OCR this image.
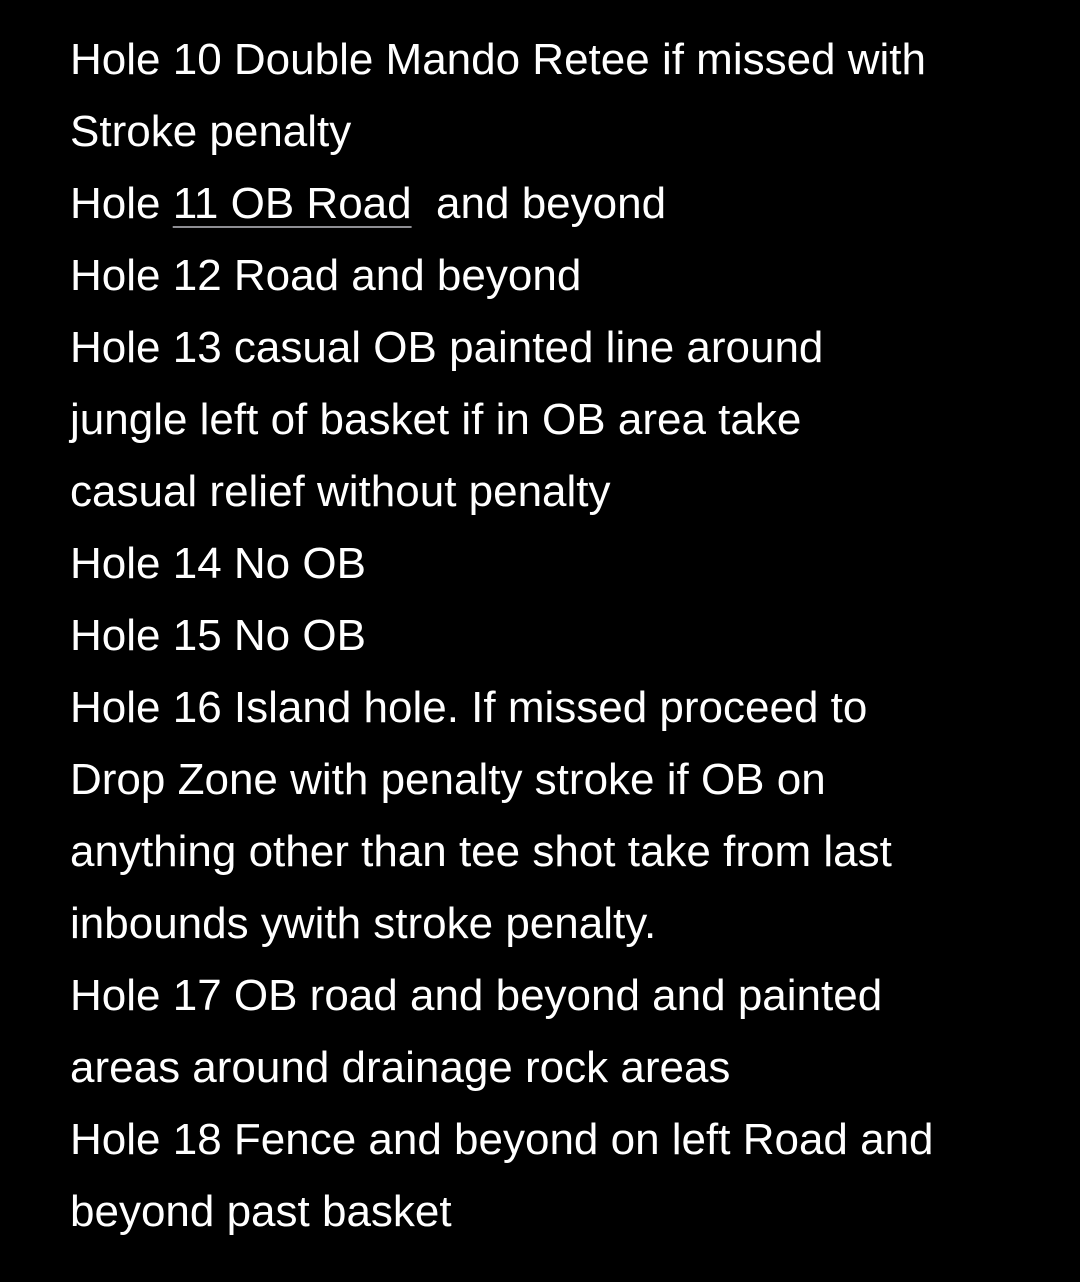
Hole 10 Double Mando Retee if missed with
Stroke penalty
Hole 11 OB Road  and beyond
Hole 12 Road and beyond
Hole 13 casual OB painted line around
jungle left of basket if in OB area take
casual relief without penalty
Hole 14 No OB
Hole 15 No OB
Hole 16 Island hole. If missed proceed to
Drop Zone with penalty stroke if OB on
anything other than tee shot take from last
inbounds ywith stroke penalty.
Hole 17 OB road and beyond and painted
areas around drainage rock areas
Hole 18 Fence and beyond on left Road and
beyond past basket
